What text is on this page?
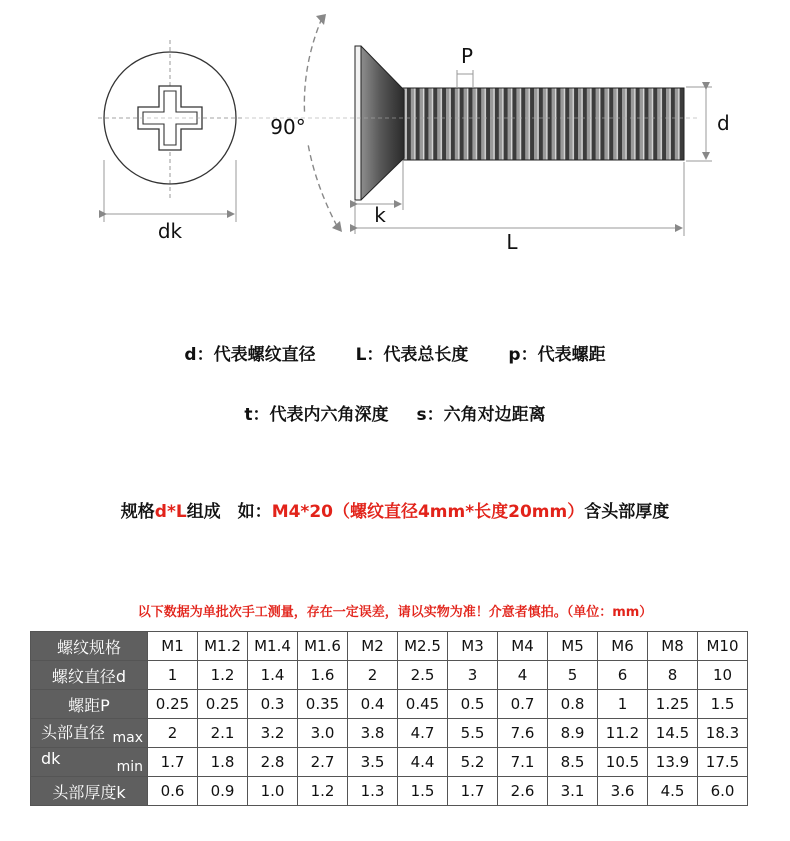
dk
90°
P
d
k
L
d：代表螺纹直径 L：代表总长度 p：代表螺距
t：代表内六角深度 s：六角对边距离
规格d*L组成　如：M4*20（螺纹直径4mm*长度20mm）含头部厚度
以下数据为单批次手工测量，存在一定误差，请以实物为准！介意者慎拍。（单位：mm）
螺纹规格	M1	M1.2	M1.4	M1.6	M2	M2.5	M3	M4	M5	M6	M8	M10
螺纹直径d	1	1.2	1.4	1.6	2	2.5	3	4	5	6	8	10
螺距P	0.25	0.25	0.3	0.35	0.4	0.45	0.5	0.7	0.8	1	1.25	1.5

头部直径 max	2	2.1	3.2	3.0	3.8	4.7	5.5	7.6	8.9	11.2	14.5	18.3

dk min	1.7	1.8	2.8	2.7	3.5	4.4	5.2	7.1	8.5	10.5	13.9	17.5
头部厚度k	0.6	0.9	1.0	1.2	1.3	1.5	1.7	2.6	3.1	3.6	4.5	6.0
